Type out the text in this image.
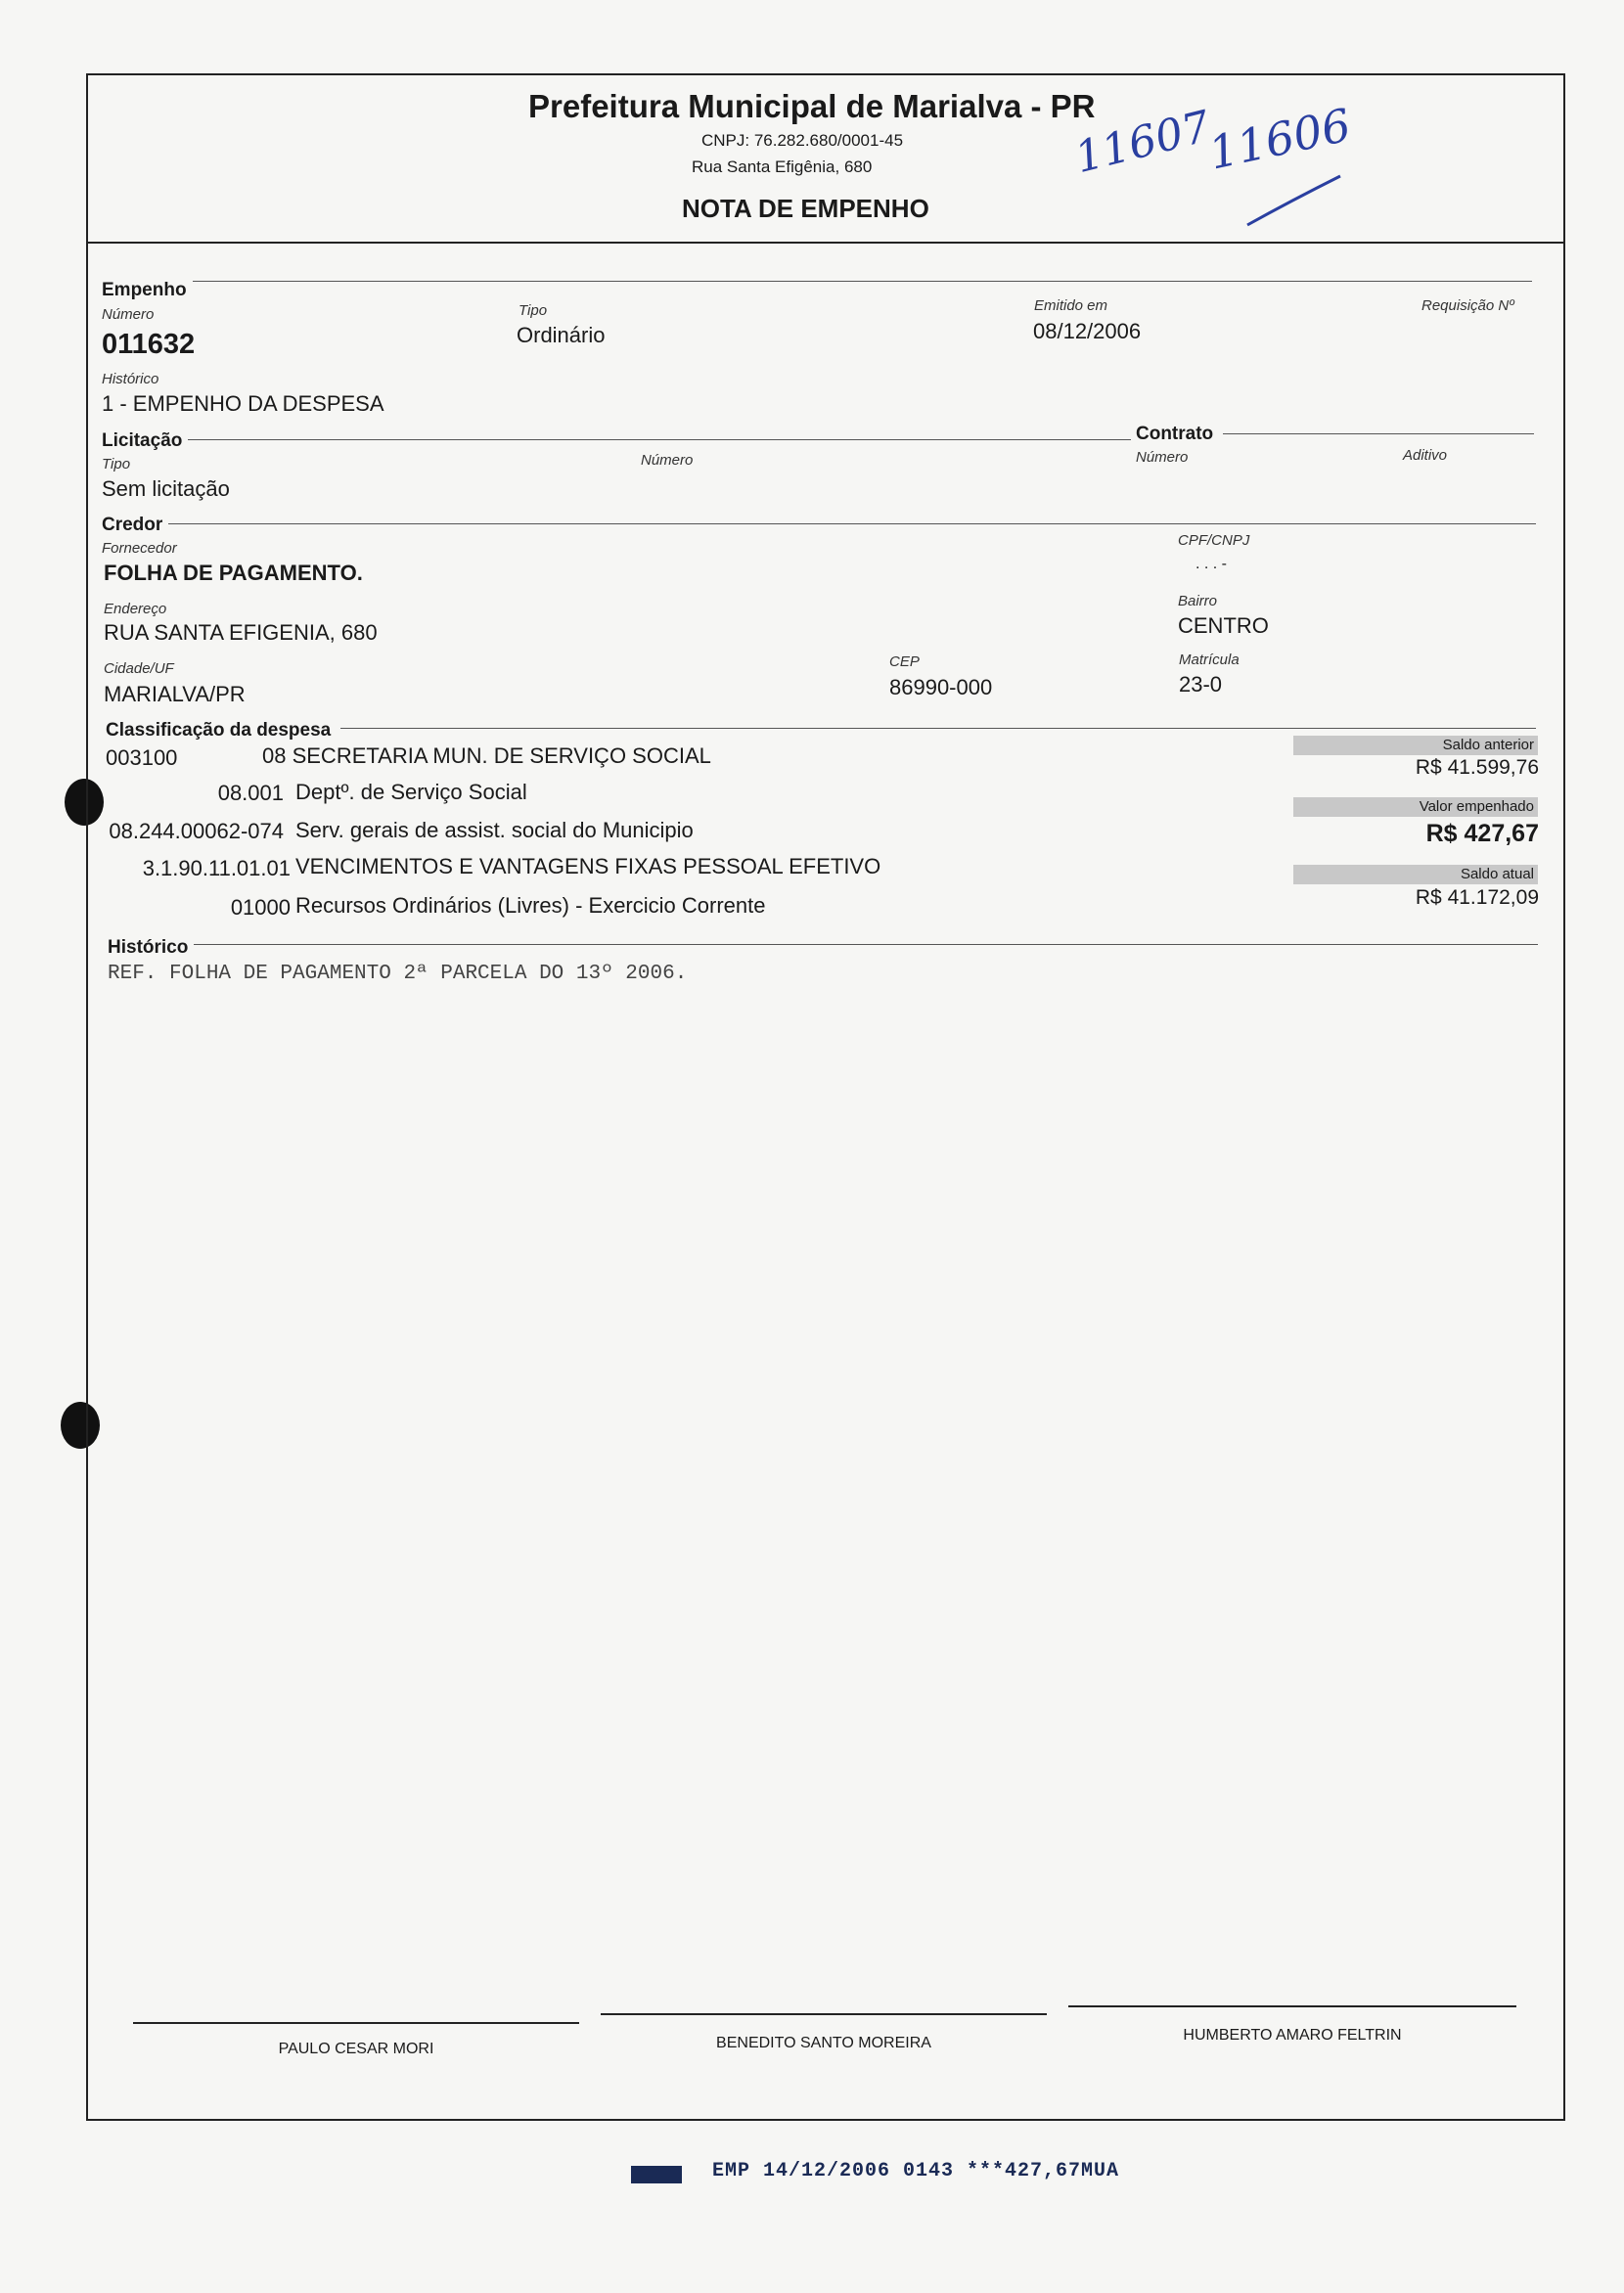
Prefeitura Municipal de Marialva - PR
CNPJ: 76.282.680/0001-45
Rua Santa Efigênia, 680
NOTA DE EMPENHO
11607
11606
Empenho
Número
011632
Tipo
Ordinário
Emitido em
08/12/2006
Requisição Nº
Histórico
1 - EMPENHO DA DESPESA
Licitação	Contrato
Tipo
Sem licitação
Número	Número	Aditivo
Credor
Fornecedor
FOLHA DE PAGAMENTO.
CPF/CNPJ
. . . -
Endereço
RUA SANTA EFIGENIA, 680
Bairro
CENTRO
Cidade/UF
MARIALVA/PR
CEP
86990-000
Matrícula
23-0
Classificação da despesa
003100	08 SECRETARIA MUN. DE SERVIÇO SOCIAL
08.001 Deptº. de Serviço Social
08.244.00062-074 Serv. gerais de assist. social do Municipio
3.1.90.11.01.01 VENCIMENTOS E VANTAGENS FIXAS PESSOAL EFETIVO
01000 Recursos Ordinários (Livres) - Exercicio Corrente
Saldo anterior
R$ 41.599,76
Valor empenhado
R$ 427,67
Saldo atual
R$ 41.172,09
Histórico
REF. FOLHA DE PAGAMENTO 2ª PARCELA DO 13º 2006.
PAULO CESAR MORI	BENEDITO SANTO MOREIRA	HUMBERTO AMARO FELTRIN
EMP 14/12/2006 0143 ***427,67MUA
